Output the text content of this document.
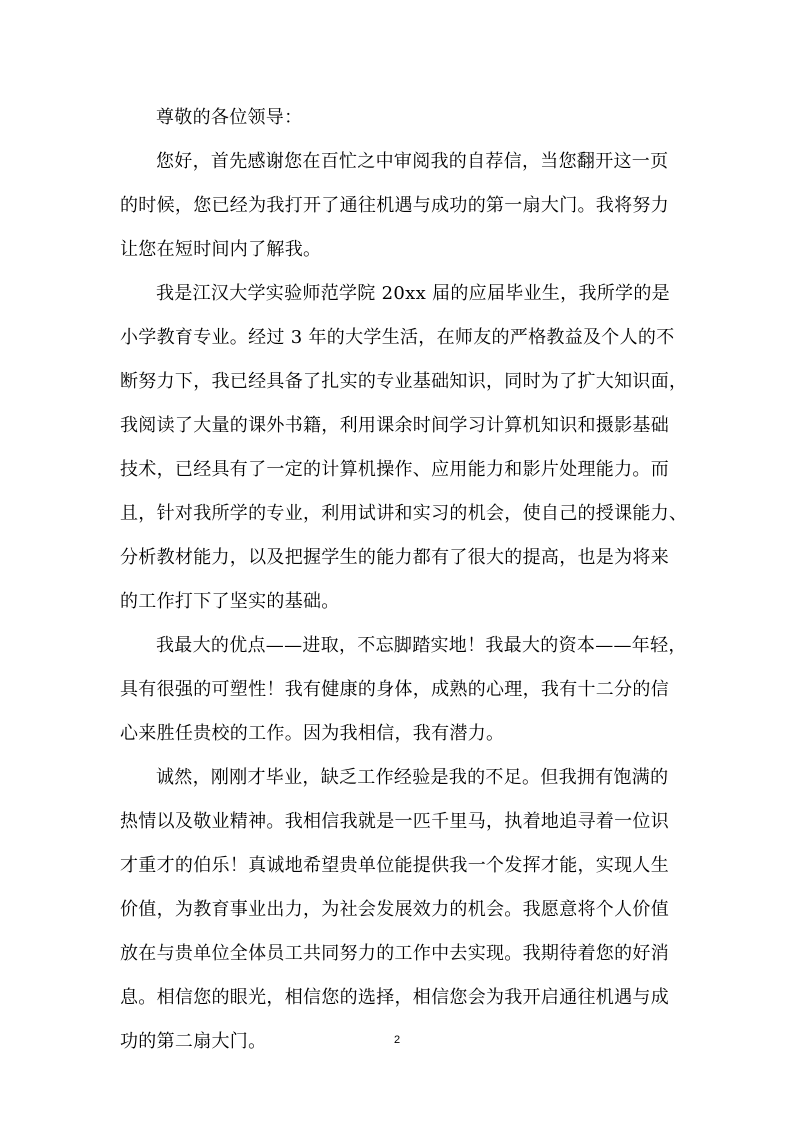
尊敬的各位领导：
您好，首先感谢您在百忙之中审阅我的自荐信，当您翻开这一页
的时候，您已经为我打开了通往机遇与成功的第一扇大门。我将努力
让您在短时间内了解我。
我是江汉大学实验师范学院 20xx 届的应届毕业生，我所学的是
小学教育专业。经过 3 年的大学生活，在师友的严格教益及个人的不
断努力下，我已经具备了扎实的专业基础知识，同时为了扩大知识面，
我阅读了大量的课外书籍，利用课余时间学习计算机知识和摄影基础
技术，已经具有了一定的计算机操作、应用能力和影片处理能力。而
且，针对我所学的专业，利用试讲和实习的机会，使自己的授课能力、
分析教材能力，以及把握学生的能力都有了很大的提高，也是为将来
的工作打下了坚实的基础。
我最大的优点——进取，不忘脚踏实地！我最大的资本——年轻，
具有很强的可塑性！我有健康的身体，成熟的心理，我有十二分的信
心来胜任贵校的工作。因为我相信，我有潜力。
诚然，刚刚才毕业，缺乏工作经验是我的不足。但我拥有饱满的
热情以及敬业精神。我相信我就是一匹千里马，执着地追寻着一位识
才重才的伯乐！真诚地希望贵单位能提供我一个发挥才能，实现人生
价值，为教育事业出力，为社会发展效力的机会。我愿意将个人价值
放在与贵单位全体员工共同努力的工作中去实现。我期待着您的好消
息。相信您的眼光，相信您的选择，相信您会为我开启通往机遇与成
功的第二扇大门。	2
